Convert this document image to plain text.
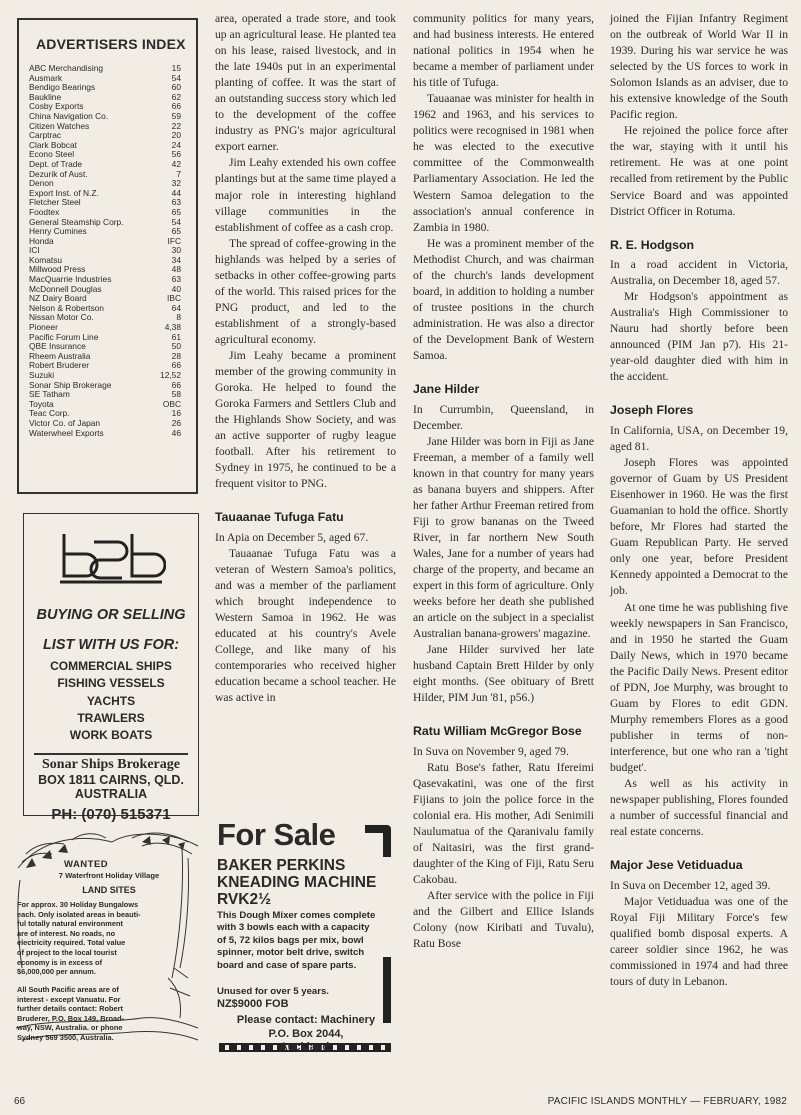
ADVERTISERS INDEX
ABC Merchandising	15
Ausmark	54
Bendigo Bearings	60
Baukline	62
Cosby Exports	66
China Navigation Co.	59
Citizen Watches	22
Carptrac	20
Clark Bobcat	24
Econo Steel	56
Dept. of Trade	42
Dezurik of Aust.	7
Denon	32
Export Inst. of N.Z.	44
Fletcher Steel	63
Foodtex	65
General Steamship Corp.	54
Henry Cumines	65
Honda	IFC
ICI	30
Komatsu	34
Millwood Press	48
MacQuarrie Industries	63
McDonnell Douglas	40
NZ Dairy Board	IBC
Nelson & Robertson	64
Nissan Motor Co.	8
Pioneer	4,38
Pacific Forum Line	61
QBE Insurance	50
Rheem Australia	28
Robert Bruderer	66
Suzuki	12,52
Sonar Ship Brokerage	66
SE Tatham	58
Toyota	OBC
Teac Corp.	16
Victor Co. of Japan	26
Waterwheel Exports	46
BUYING OR SELLING
LIST WITH US FOR:
COMMERCIAL SHIPS
FISHING VESSELS
YACHTS
TRAWLERS
WORK BOATS
Sonar Ships Brokerage
BOX 1811 CAIRNS, QLD.
AUSTRALIA
PH: (070) 515371
WANTED
7 Waterfront Holiday Village
LAND SITES
For approx. 30 Holiday Bungalows
each. Only isolated areas in beauti-
ful totally natural environment
are of interest. No roads, no
electricity required. Total value
of project to the local tourist
economy is in excess of
$6,000,000 per annum.
All South Pacific areas are of
interest - except Vanuatu. For
further details contact: Robert
Bruderer, P.O. Box 149, Broad-
way, NSW, Australia. or phone
Sydney 569 3500, Australia.
For Sale
BAKER PERKINS
KNEADING MACHINE
RVK2½
This Dough Mixer comes complete with 3 bowls each with a capacity of 5, 72 kilos bags per mix, bowl spinner, motor belt drive, switch board and case of spare parts.
Unused for over 5 years.
NZ$9000 FOB
Please contact: Machinery
P.O. Box 2044,
Auckland.

area, operated a trade store, and took up an agricultural lease. He planted tea on his lease, raised livestock, and in the late 1940s put in an experimental planting of coffee. It was the start of an outstanding success story which led to the development of the coffee industry as PNG's major agricultural export earner.

Jim Leahy extended his own coffee plantings but at the same time played a major role in interesting highland village communities in the establishment of coffee as a cash crop.

The spread of coffee-growing in the highlands was helped by a series of setbacks in other coffee-growing parts of the world. This raised prices for the PNG product, and led to the establishment of a strongly-based agricultural economy.

Jim Leahy became a prominent member of the growing community in Goroka. He helped to found the Goroka Farmers and Settlers Club and the Highlands Show Society, and was an active supporter of rugby league football. After his retirement to Sydney in 1975, he continued to be a frequent visitor to PNG.

Tauaanae Tufuga Fatu

In Apia on December 5, aged 67.

Tauaanae Tufuga Fatu was a veteran of Western Samoa's politics, and was a member of the parliament which brought independence to Western Samoa in 1962. He was educated at his country's Avele College, and like many of his contemporaries who received higher education became a school teacher. He was active in

community politics for many years, and had business interests. He entered national politics in 1954 when he became a member of parliament under his title of Tufuga.

Tauaanae was minister for health in 1962 and 1963, and his services to politics were recognised in 1981 when he was elected to the executive committee of the Commonwealth Parliamentary Association. He led the Western Samoa delegation to the association's annual conference in Zambia in 1980.

He was a prominent member of the Methodist Church, and was chairman of the church's lands development board, in addition to holding a number of trustee positions in the church administration. He was also a director of the Development Bank of Western Samoa.

Jane Hilder

In Currumbin, Queensland, in December.

Jane Hilder was born in Fiji as Jane Freeman, a member of a family well known in that country for many years as banana buyers and shippers. After her father Arthur Freeman retired from Fiji to grow bananas on the Tweed River, in far northern New South Wales, Jane for a number of years had charge of the property, and became an expert in this form of agriculture. Only weeks before her death she published an article on the subject in a specialist Australian banana-growers' magazine.

Jane Hilder survived her late husband Captain Brett Hilder by only eight months. (See obituary of Brett Hilder, PIM Jun '81, p56.)

Ratu William McGregor Bose

In Suva on November 9, aged 79.

Ratu Bose's father, Ratu Ifereimi Qasevakatini, was one of the first Fijians to join the police force in the colonial era. His mother, Adi Senimili Naulumatua of the Qaranivalu family of Naitasiri, was the first grand-daughter of the King of Fiji, Ratu Seru Cakobau.

After service with the police in Fiji and the Gilbert and Ellice Islands Colony (now Kiribati and Tuvalu), Ratu Bose

joined the Fijian Infantry Regiment on the outbreak of World War II in 1939. During his war service he was selected by the US forces to work in Solomon Islands as an adviser, due to his extensive knowledge of the South Pacific region.

He rejoined the police force after the war, staying with it until his retirement. He was at one point recalled from retirement by the Public Service Board and was appointed District Officer in Rotuma.

R. E. Hodgson

In a road accident in Victoria, Australia, on December 18, aged 57.

Mr Hodgson's appointment as Australia's High Commissioner to Nauru had shortly before been announced (PIM Jan p7). His 21-year-old daughter died with him in the accident.

Joseph Flores

In California, USA, on December 19, aged 81.

Joseph Flores was appointed governor of Guam by US President Eisenhower in 1960. He was the first Guamanian to hold the office. Shortly before, Mr Flores had started the Guam Republican Party. He served only one year, before President Kennedy appointed a Democrat to the job.

At one time he was publishing five weekly newspapers in San Francisco, and in 1950 he started the Guam Daily News, which in 1970 became the Pacific Daily News. Present editor of PDN, Joe Murphy, was brought to Guam by Flores to edit GDN. Murphy remembers Flores as a good publisher in terms of non-interference, but one who ran a 'tight budget'.

As well as his activity in newspaper publishing, Flores founded a number of successful financial and real estate concerns.

Major Jese Vetiduadua

In Suva on December 12, aged 39.

Major Vetiduadua was one of the Royal Fiji Military Force's few qualified bomb disposal experts. A career soldier since 1962, he was commissioned in 1974 and had three tours of duty in Lebanon.

66	PACIFIC ISLANDS MONTHLY — FEBRUARY, 1982
